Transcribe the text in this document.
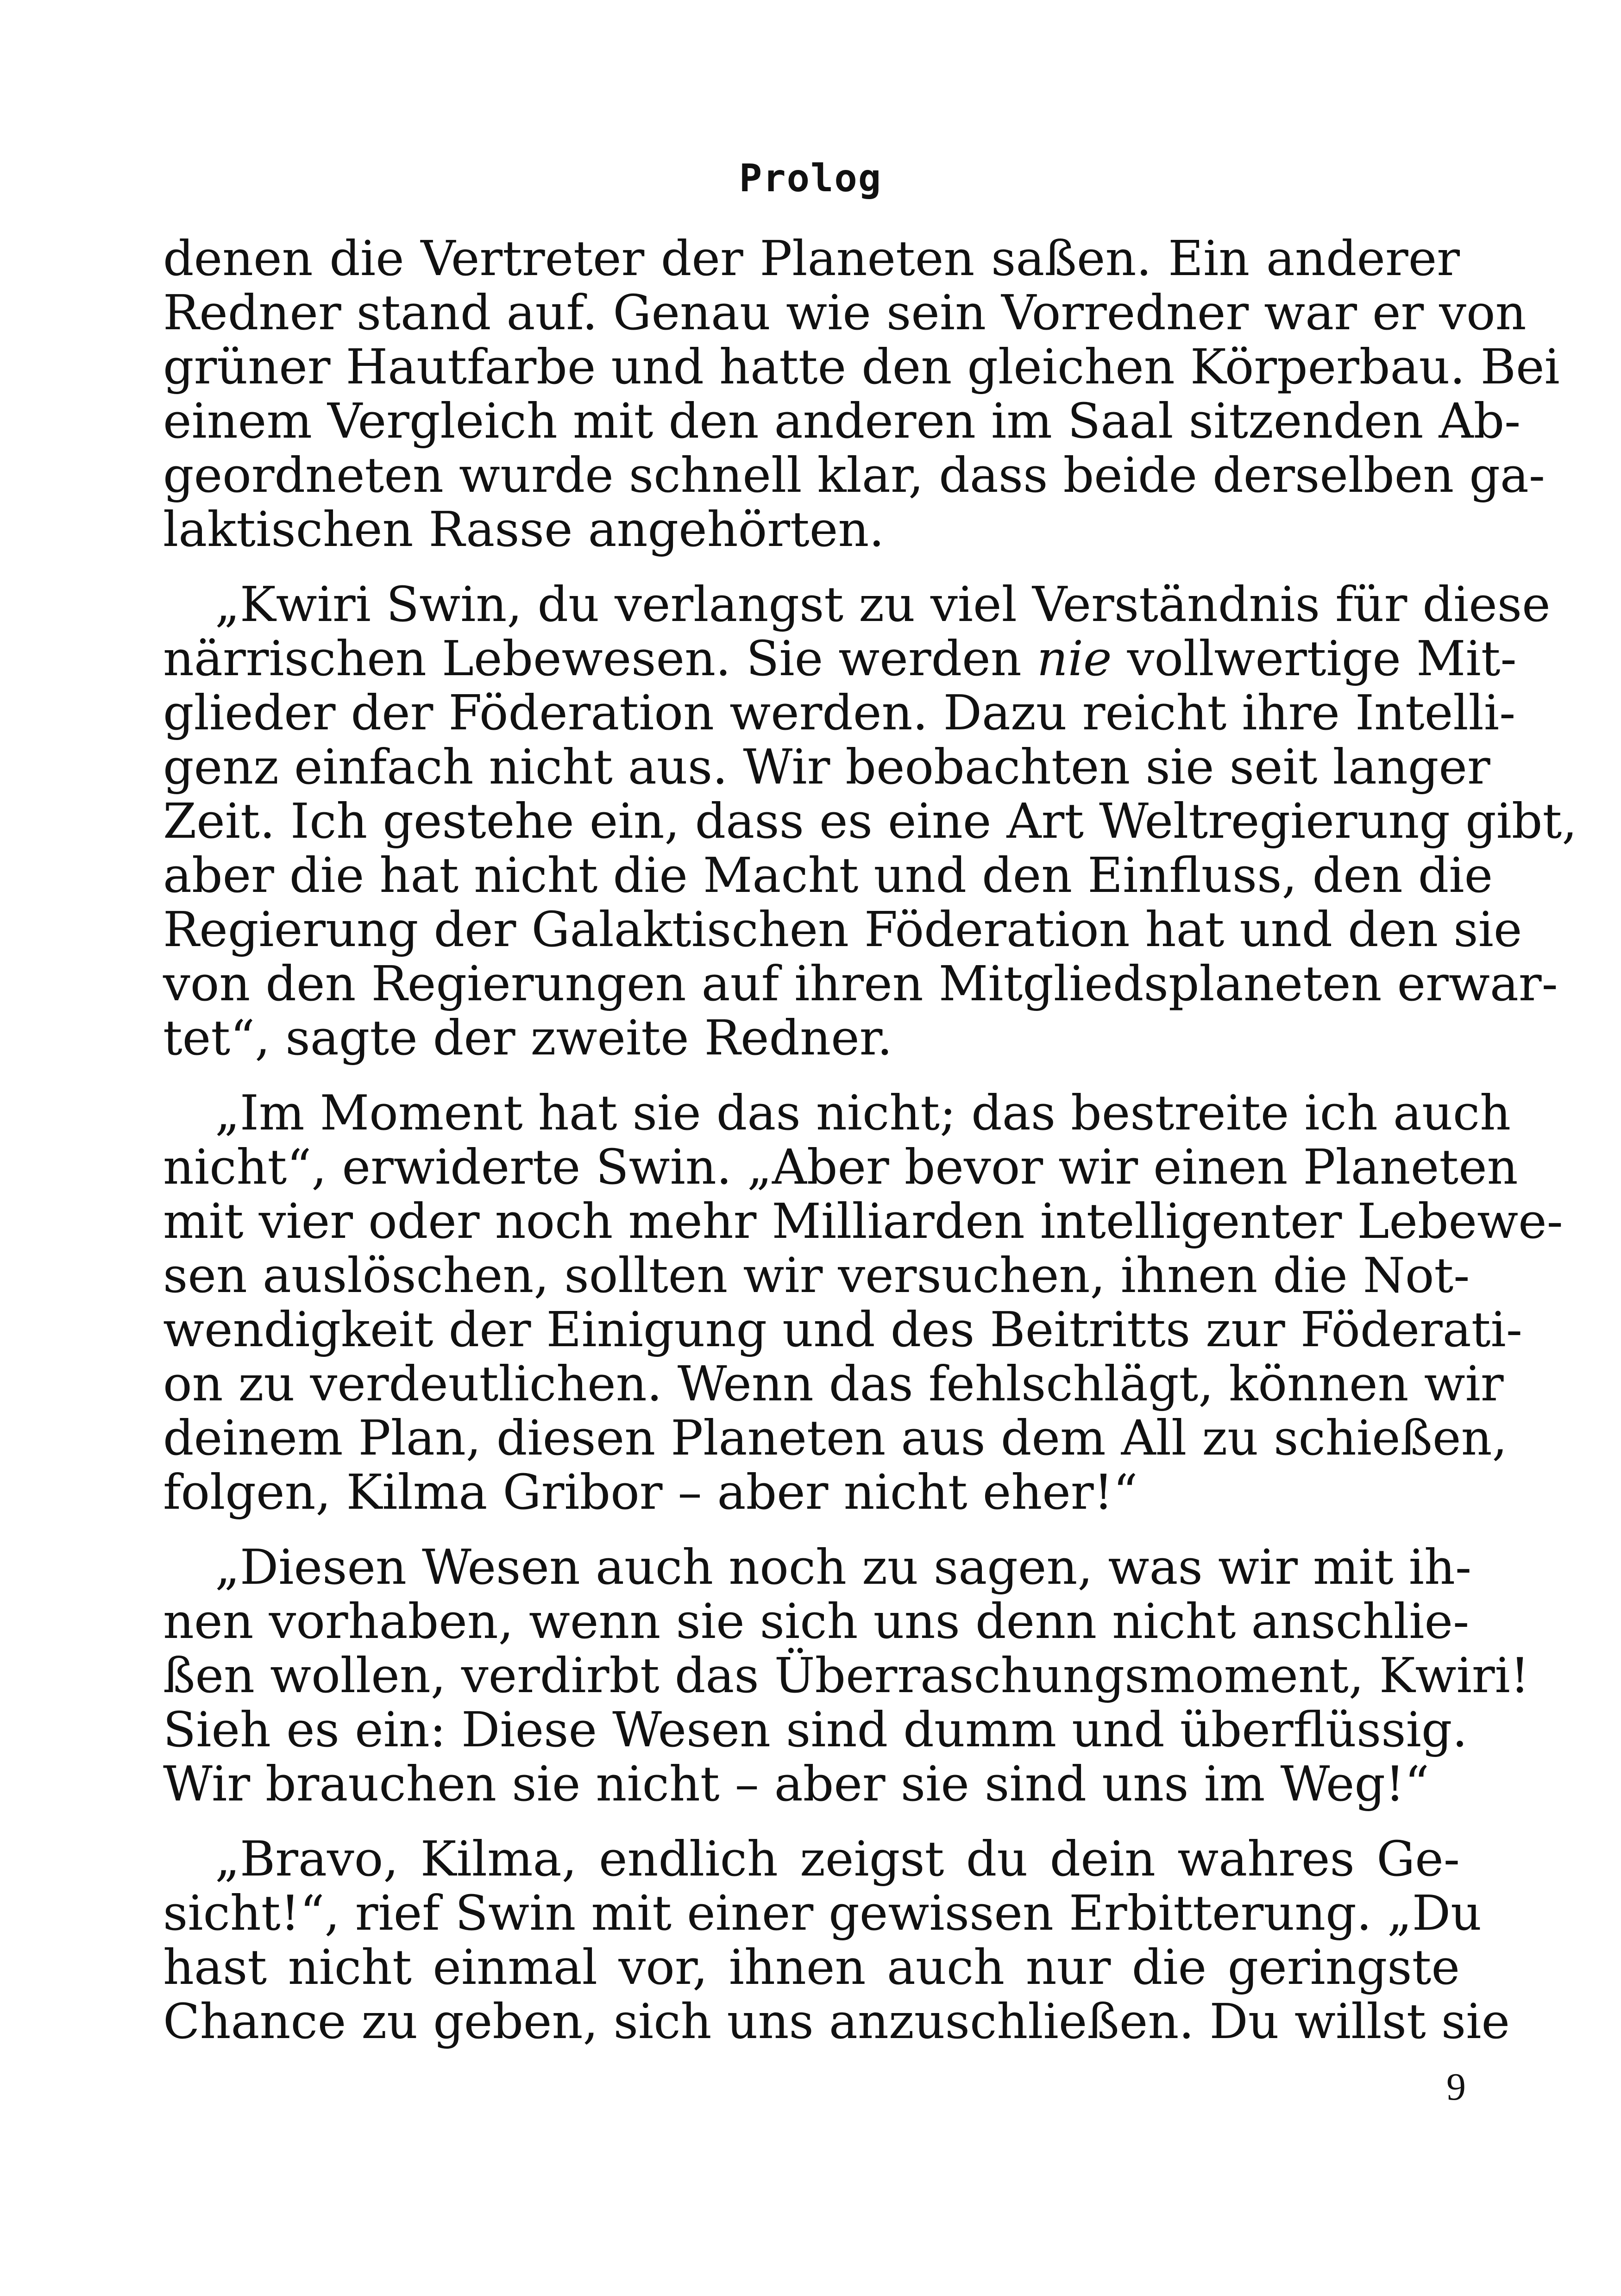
Prolog
denen die Vertreter der Planeten saßen. Ein anderer
Redner stand auf. Genau wie sein Vorredner war er von
grüner Hautfarbe und hatte den gleichen Körperbau. Bei
einem Vergleich mit den anderen im Saal sitzenden Ab-
geordneten wurde schnell klar, dass beide derselben ga-
laktischen Rasse angehörten.
„Kwiri Swin, du verlangst zu viel Verständnis für diese
närrischen Lebewesen. Sie werden nie vollwertige Mit-
glieder der Föderation werden. Dazu reicht ihre Intelli-
genz einfach nicht aus. Wir beobachten sie seit langer
Zeit. Ich gestehe ein, dass es eine Art Weltregierung gibt,
aber die hat nicht die Macht und den Einfluss, den die
Regierung der Galaktischen Föderation hat und den sie
von den Regierungen auf ihren Mitgliedsplaneten erwar-
tet“, sagte der zweite Redner.
„Im Moment hat sie das nicht; das bestreite ich auch
nicht“, erwiderte Swin. „Aber bevor wir einen Planeten
mit vier oder noch mehr Milliarden intelligenter Lebewe-
sen auslöschen, sollten wir versuchen, ihnen die Not-
wendigkeit der Einigung und des Beitritts zur Föderati-
on zu verdeutlichen. Wenn das fehlschlägt, können wir
deinem Plan, diesen Planeten aus dem All zu schießen,
folgen, Kilma Gribor – aber nicht eher!“
„Diesen Wesen auch noch zu sagen, was wir mit ih-
nen vorhaben, wenn sie sich uns denn nicht anschlie-
ßen wollen, verdirbt das Überraschungsmoment, Kwiri!
Sieh es ein: Diese Wesen sind dumm und überflüssig.
Wir brauchen sie nicht – aber sie sind uns im Weg!“
„Bravo, Kilma, endlich zeigst du dein wahres Ge-
sicht!“, rief Swin mit einer gewissen Erbitterung. „Du
hast nicht einmal vor, ihnen auch nur die geringste
Chance zu geben, sich uns anzuschließen. Du willst sie
9
